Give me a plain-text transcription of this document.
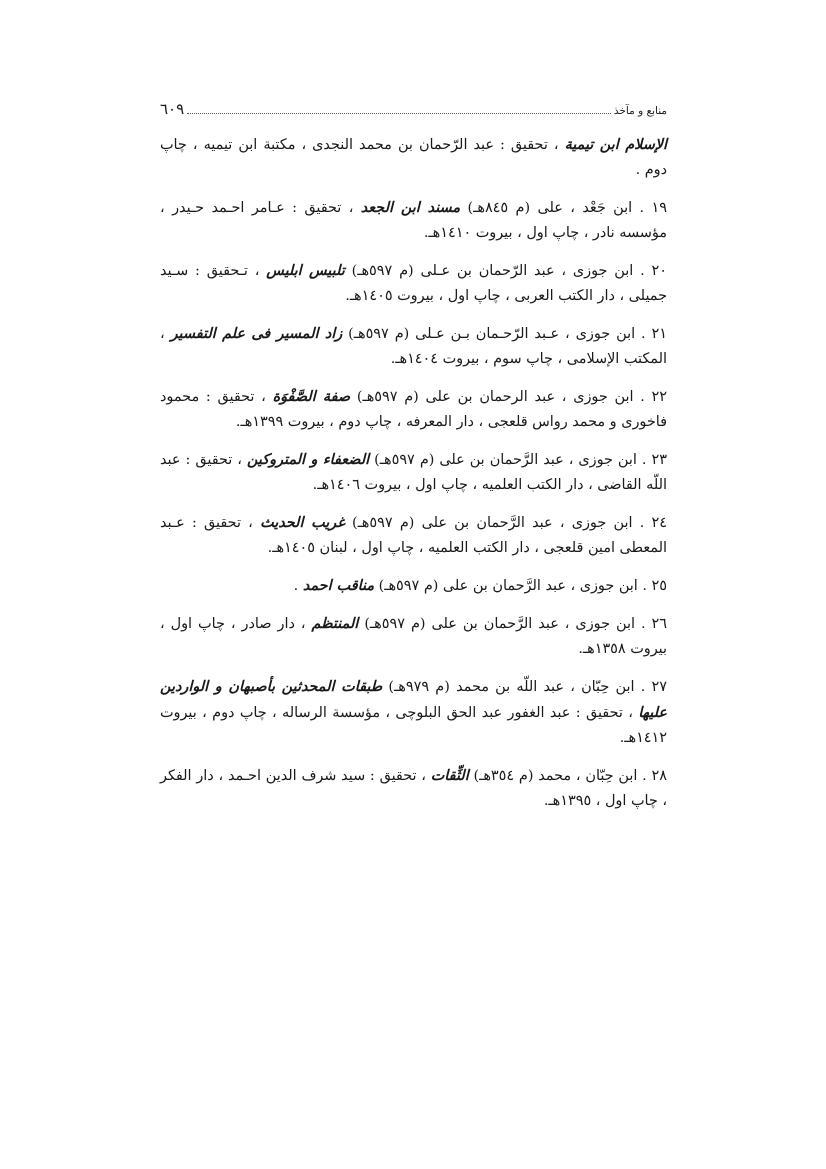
منابع و مآخذ
٦٠٩

الإسلام ابن تيمية ، تحقيق : عبد الرّحمان بن محمد النجدى ، مكتبة ابن تيميه ، چاپ دوم .

١٩ . ابن جَعْد ، على (م ٨٤٥هـ) مسند ابن الجعد ، تحقيق : عـامر احـمد حـيدر ، مؤسسه نادر ، چاپ اول ، بيروت ١٤١٠هـ.

٢٠ . ابن جوزى ، عبد الرّحمان بن عـلى (م ٥٩٧هـ) تلبيس ابليس ، تـحقيق : سـيد جميلى ، دار الكتب العربى ، چاپ اول ، بيروت ١٤٠٥هـ.

٢١ . ابن جوزى ، عـبد الرّحـمان بـن عـلى (م ٥٩٧هـ) زاد المسير فى علم التفسير ، المكتب الإسلامى ، چاپ سوم ، بيروت ١٤٠٤هـ.

٢٢ . ابن جوزى ، عبد الرحمان بن على (م ٥٩٧هـ) صفة الصَّفْوَة ، تحقيق : محمود فاخورى و محمد رواس قلعجى ، دار المعرفه ، چاپ دوم ، بيروت ١٣٩٩هـ.

٢٣ . ابن جوزى ، عبد الرَّحمان بن على (م ٥٩٧هـ) الضعفاء و المتروكين ، تحقيق : عبد اللّه القاضى ، دار الكتب العلميه ، چاپ اول ، بيروت ١٤٠٦هـ.

٢٤ . ابن جوزى ، عبد الرَّحمان بن على (م ٥٩٧هـ) غريب الحديث ، تحقيق : عـبد المعطى امين قلعجى ، دار الكتب العلميه ، چاپ اول ، لبنان ١٤٠٥هـ.

٢٥ . ابن جوزى ، عبد الرَّحمان بن على (م ٥٩٧هـ) مناقب احمد .

٢٦ . ابن جوزى ، عبد الرَّحمان بن على (م ٥٩٧هـ) المنتظم ، دار صادر ، چاپ اول ، بيروت ١٣٥٨هـ.

٢٧ . ابن حِبّان ، عبد اللّه بن محمد (م ٩٧٩هـ) طبقات المحدثين بأصبهان و الواردين عليها ، تحقيق : عبد الغفور عبد الحق البلوچى ، مؤسسة الرساله ، چاپ دوم ، بيروت ١٤١٢هـ.

٢٨ . ابن حِبّان ، محمد (م ٣٥٤هـ) الثِّقات ، تحقيق : سيد شرف الدين احـمد ، دار الفكر ، چاپ اول ، ١٣٩٥هـ.
